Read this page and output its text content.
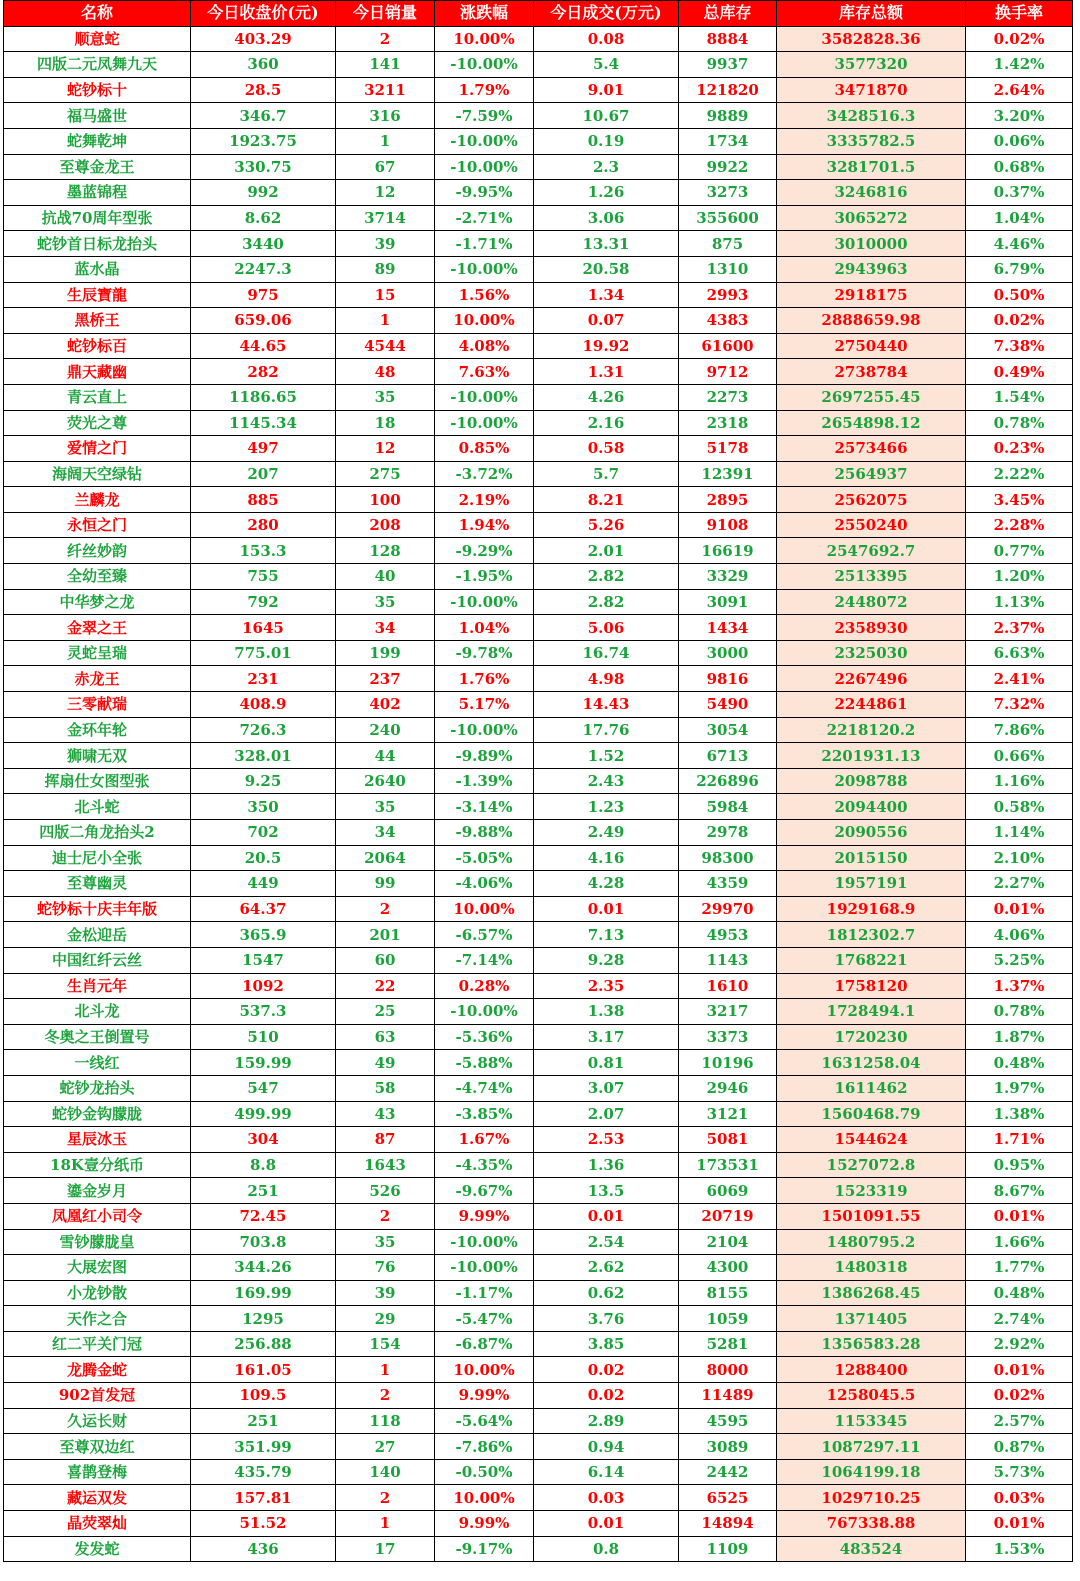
名称	今日收盘价(元)	今日销量	涨跌幅	今日成交(万元)	总库存	库存总额	换手率
顺意蛇	403.29	2	10.00%	0.08	8884	3582828.36	0.02%
四版二元凤舞九天	360	141	-10.00%	5.4	9937	3577320	1.42%
蛇钞标十	28.5	3211	1.79%	9.01	121820	3471870	2.64%
福马盛世	346.7	316	-7.59%	10.67	9889	3428516.3	3.20%
蛇舞乾坤	1923.75	1	-10.00%	0.19	1734	3335782.5	0.06%
至尊金龙王	330.75	67	-10.00%	2.3	9922	3281701.5	0.68%
墨蓝锦程	992	12	-9.95%	1.26	3273	3246816	0.37%
抗战70周年型张	8.62	3714	-2.71%	3.06	355600	3065272	1.04%
蛇钞首日标龙抬头	3440	39	-1.71%	13.31	875	3010000	4.46%
蓝水晶	2247.3	89	-10.00%	20.58	1310	2943963	6.79%
生辰寶龍	975	15	1.56%	1.34	2993	2918175	0.50%
黑桥王	659.06	1	10.00%	0.07	4383	2888659.98	0.02%
蛇钞标百	44.65	4544	4.08%	19.92	61600	2750440	7.38%
鼎天藏幽	282	48	7.63%	1.31	9712	2738784	0.49%
青云直上	1186.65	35	-10.00%	4.26	2273	2697255.45	1.54%
荧光之尊	1145.34	18	-10.00%	2.16	2318	2654898.12	0.78%
爱情之门	497	12	0.85%	0.58	5178	2573466	0.23%
海阔天空绿钻	207	275	-3.72%	5.7	12391	2564937	2.22%
兰麟龙	885	100	2.19%	8.21	2895	2562075	3.45%
永恒之门	280	208	1.94%	5.26	9108	2550240	2.28%
纤丝妙韵	153.3	128	-9.29%	2.01	16619	2547692.7	0.77%
全幼至臻	755	40	-1.95%	2.82	3329	2513395	1.20%
中华梦之龙	792	35	-10.00%	2.82	3091	2448072	1.13%
金翠之王	1645	34	1.04%	5.06	1434	2358930	2.37%
灵蛇呈瑞	775.01	199	-9.78%	16.74	3000	2325030	6.63%
赤龙王	231	237	1.76%	4.98	9816	2267496	2.41%
三零献瑞	408.9	402	5.17%	14.43	5490	2244861	7.32%
金环年轮	726.3	240	-10.00%	17.76	3054	2218120.2	7.86%
狮啸无双	328.01	44	-9.89%	1.52	6713	2201931.13	0.66%
挥扇仕女图型张	9.25	2640	-1.39%	2.43	226896	2098788	1.16%
北斗蛇	350	35	-3.14%	1.23	5984	2094400	0.58%
四版二角龙抬头2	702	34	-9.88%	2.49	2978	2090556	1.14%
迪士尼小全张	20.5	2064	-5.05%	4.16	98300	2015150	2.10%
至尊幽灵	449	99	-4.06%	4.28	4359	1957191	2.27%
蛇钞标十庆丰年版	64.37	2	10.00%	0.01	29970	1929168.9	0.01%
金松迎岳	365.9	201	-6.57%	7.13	4953	1812302.7	4.06%
中国红纤云丝	1547	60	-7.14%	9.28	1143	1768221	5.25%
生肖元年	1092	22	0.28%	2.35	1610	1758120	1.37%
北斗龙	537.3	25	-10.00%	1.38	3217	1728494.1	0.78%
冬奥之王倒置号	510	63	-5.36%	3.17	3373	1720230	1.87%
一线红	159.99	49	-5.88%	0.81	10196	1631258.04	0.48%
蛇钞龙抬头	547	58	-4.74%	3.07	2946	1611462	1.97%
蛇钞金钩朦胧	499.99	43	-3.85%	2.07	3121	1560468.79	1.38%
星辰冰玉	304	87	1.67%	2.53	5081	1544624	1.71%
18K壹分纸币	8.8	1643	-4.35%	1.36	173531	1527072.8	0.95%
鎏金岁月	251	526	-9.67%	13.5	6069	1523319	8.67%
凤凰红小司令	72.45	2	9.99%	0.01	20719	1501091.55	0.01%
雪钞朦胧皇	703.8	35	-10.00%	2.54	2104	1480795.2	1.66%
大展宏图	344.26	76	-10.00%	2.62	4300	1480318	1.77%
小龙钞散	169.99	39	-1.17%	0.62	8155	1386268.45	0.48%
天作之合	1295	29	-5.47%	3.76	1059	1371405	2.74%
红二平关门冠	256.88	154	-6.87%	3.85	5281	1356583.28	2.92%
龙腾金蛇	161.05	1	10.00%	0.02	8000	1288400	0.01%
902首发冠	109.5	2	9.99%	0.02	11489	1258045.5	0.02%
久运长财	251	118	-5.64%	2.89	4595	1153345	2.57%
至尊双边红	351.99	27	-7.86%	0.94	3089	1087297.11	0.87%
喜鹊登梅	435.79	140	-0.50%	6.14	2442	1064199.18	5.73%
藏运双发	157.81	2	10.00%	0.03	6525	1029710.25	0.03%
晶荧翠灿	51.52	1	9.99%	0.01	14894	767338.88	0.01%
发发蛇	436	17	-9.17%	0.8	1109	483524	1.53%
